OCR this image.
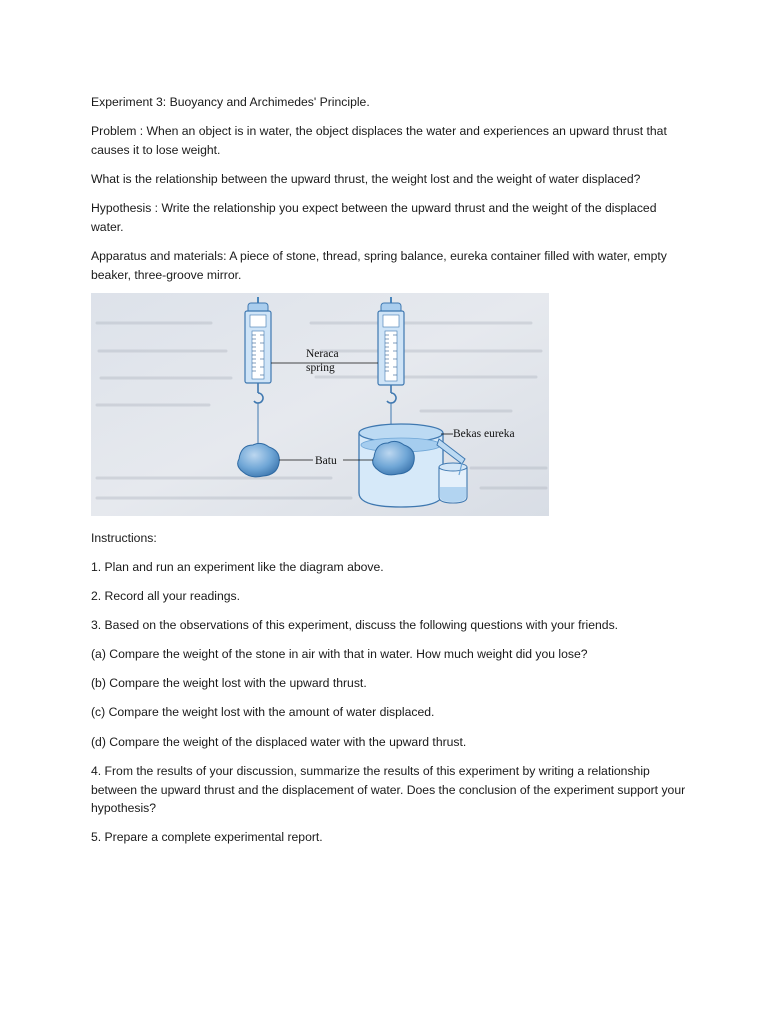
Experiment 3: Buoyancy and Archimedes' Principle.

Problem : When an object is in water, the object displaces the water and experiences an upward thrust that causes it to lose weight.

What is the relationship between the upward thrust, the weight lost and the weight of water displaced?

Hypothesis : Write the relationship you expect between the upward thrust and the weight of the displaced water.

Apparatus and materials: A piece of stone, thread, spring balance, eureka container filled with water, empty beaker, three-groove mirror.

Neraca
spring
Bekas eureka
Batu

Instructions:

1. Plan and run an experiment like the diagram above.

2. Record all your readings.

3. Based on the observations of this experiment, discuss the following questions with your friends.

(a) Compare the weight of the stone in air with that in water. How much weight did you lose?

(b) Compare the weight lost with the upward thrust.

(c) Compare the weight lost with the amount of water displaced.

(d) Compare the weight of the displaced water with the upward thrust.

4. From the results of your discussion, summarize the results of this experiment by writing a relationship between the upward thrust and the displacement of water. Does the conclusion of the experiment support your hypothesis?

5. Prepare a complete experimental report.
